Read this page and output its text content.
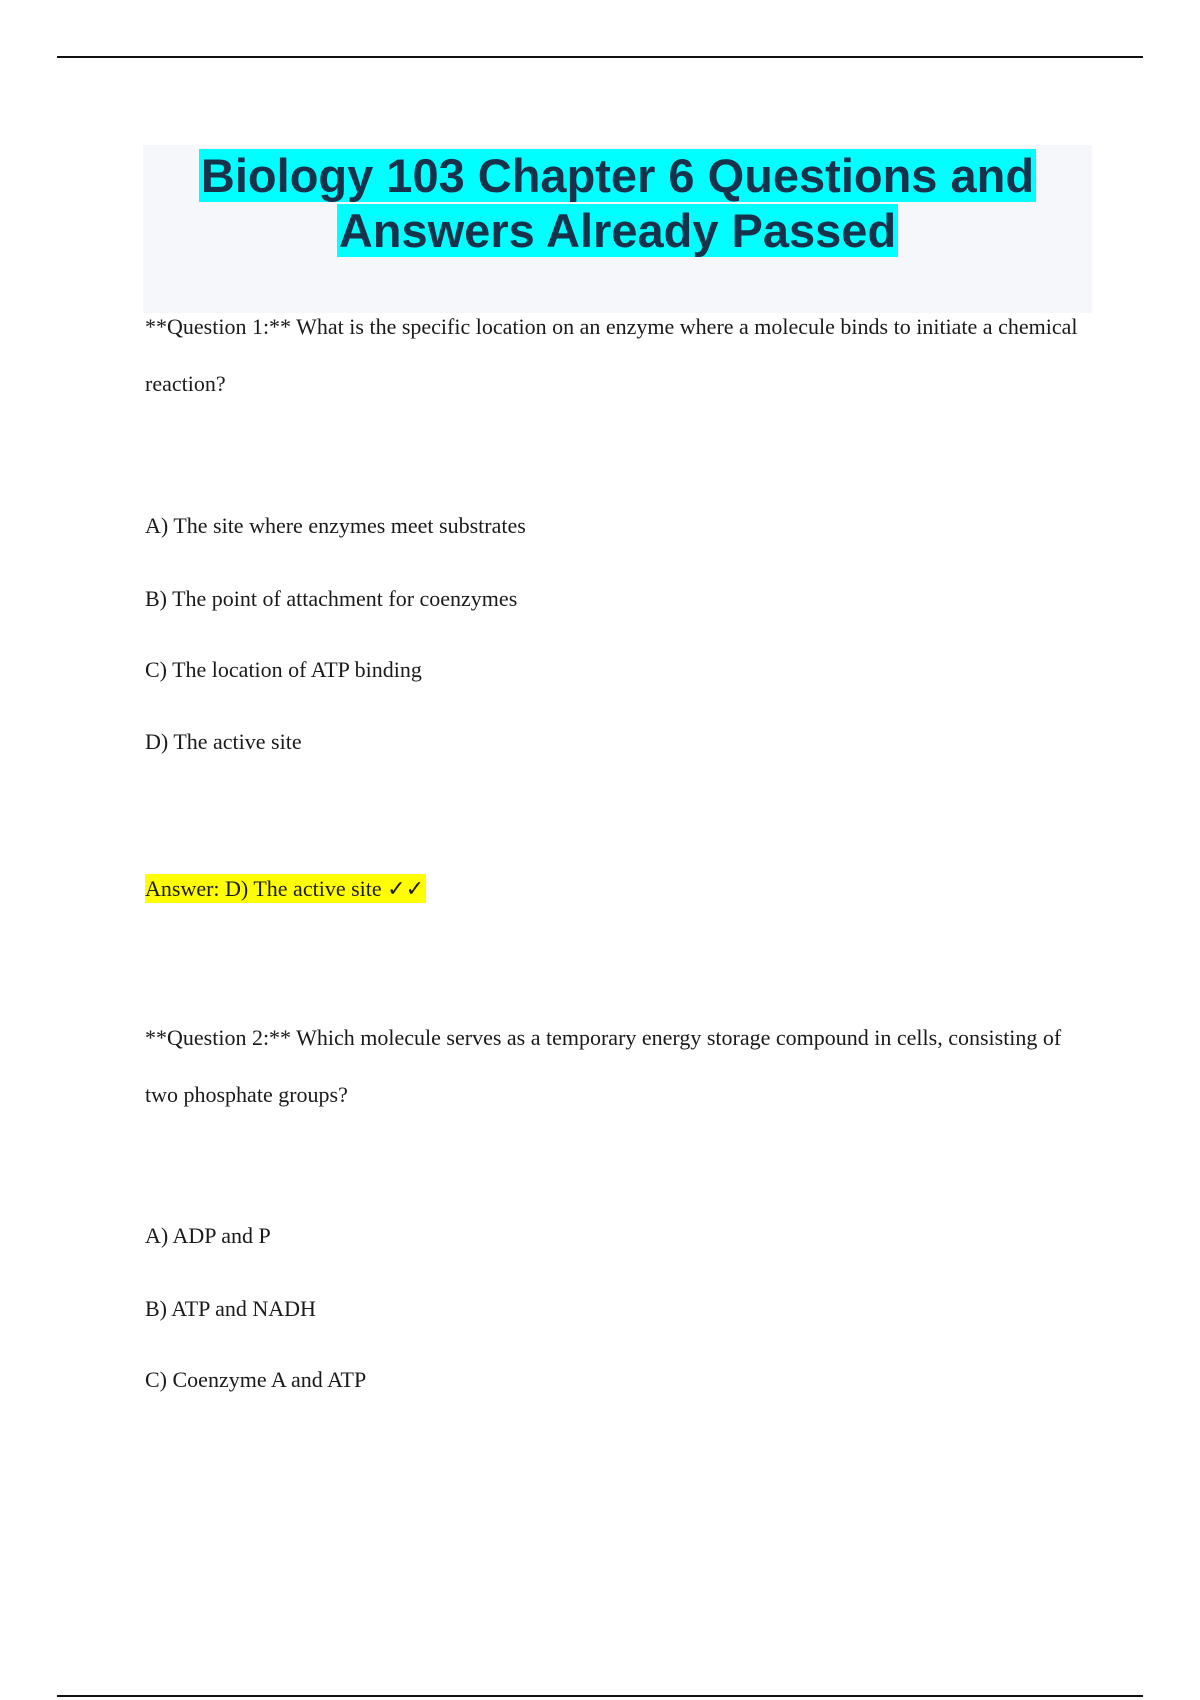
Biology 103 Chapter 6 Questions and Answers Already Passed

**Question 1:** What is the specific location on an enzyme where a molecule binds to initiate a chemical reaction?

A) The site where enzymes meet substrates

B) The point of attachment for coenzymes

C) The location of ATP binding

D) The active site

Answer: D) The active site ✓✓

**Question 2:** Which molecule serves as a temporary energy storage compound in cells, consisting of two phosphate groups?

A) ADP and P

B) ATP and NADH

C) Coenzyme A and ATP
